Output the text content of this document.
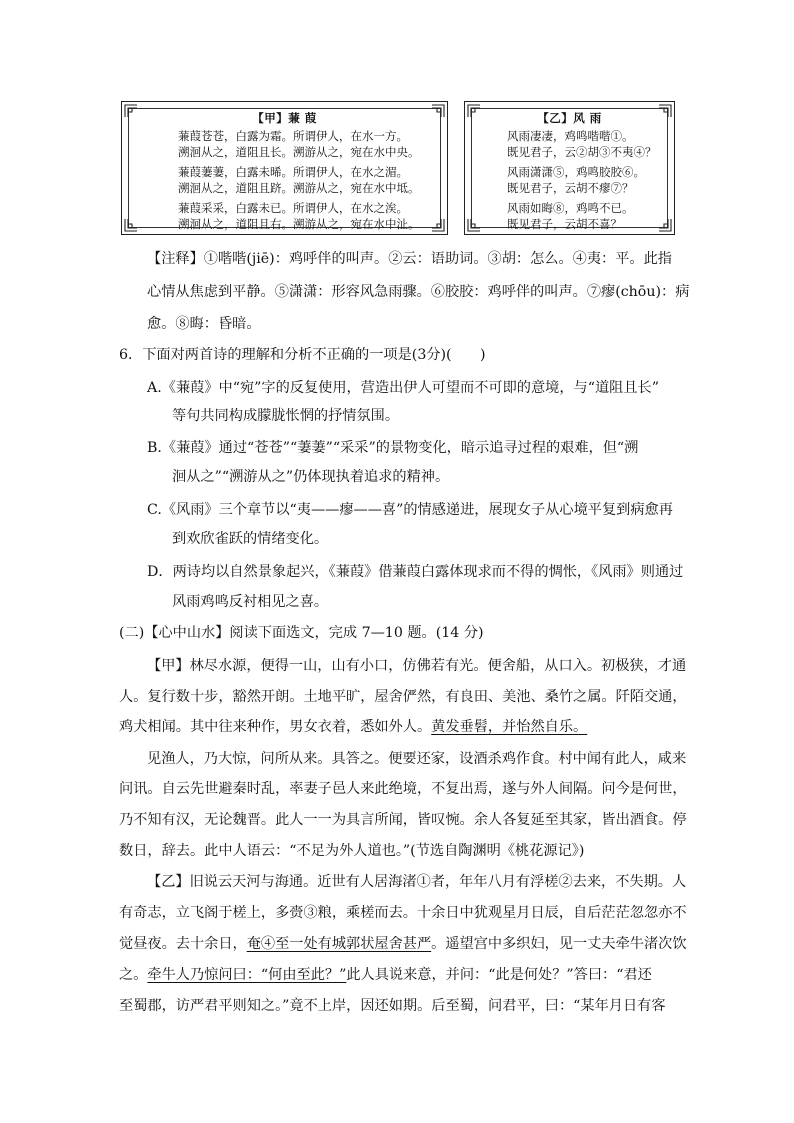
【甲】蒹 葭
蒹葭苍苍，白露为霜。所谓伊人，在水一方。
溯洄从之，道阻且长。溯游从之，宛在水中央。
蒹葭萋萋，白露未晞。所谓伊人，在水之湄。
溯洄从之，道阻且跻。溯游从之，宛在水中坻。
蒹葭采采，白露未已。所谓伊人，在水之涘。
溯洄从之，道阻且右。溯游从之，宛在水中沚。
【乙】风 雨
风雨凄凄，鸡鸣喈喈①。
既见君子，云②胡③不夷④？
风雨潇潇⑤，鸡鸣胶胶⑥。
既见君子，云胡不瘳⑦？
风雨如晦⑧，鸡鸣不已。
既见君子，云胡不喜？
【注释】①喈喈(jiē)：鸡呼伴的叫声。②云：语助词。③胡：怎么。④夷：平。此指
心情从焦虑到平静。⑤潇潇：形容风急雨骤。⑥胶胶：鸡呼伴的叫声。⑦瘳(chōu)：病
愈。⑧晦：昏暗。
6．下面对两首诗的理解和分析不正确的一项是(3分)(　　)
A.《蒹葭》中“宛”字的反复使用，营造出伊人可望而不可即的意境，与“道阻且长”
等句共同构成朦胧怅惘的抒情氛围。
B.《蒹葭》通过“苍苍”“萋萋”“采采”的景物变化，暗示追寻过程的艰难，但“溯
洄从之”“溯游从之”仍体现执着追求的精神。
C.《风雨》三个章节以“夷——瘳——喜”的情感递进，展现女子从心境平复到病愈再
到欢欣雀跃的情绪变化。
D．两诗均以自然景象起兴，《蒹葭》借蒹葭白露体现求而不得的惆怅，《风雨》则通过
风雨鸡鸣反衬相见之喜。
(二)【心中山水】阅读下面选文，完成 7—10 题。(14 分)
【甲】林尽水源，便得一山，山有小口，仿佛若有光。便舍船，从口入。初极狭，才通
人。复行数十步，豁然开朗。土地平旷，屋舍俨然，有良田、美池、桑竹之属。阡陌交通，
鸡犬相闻。其中往来种作，男女衣着，悉如外人。黄发垂髫，并怡然自乐。
见渔人，乃大惊，问所从来。具答之。便要还家，设酒杀鸡作食。村中闻有此人，咸来
问讯。自云先世避秦时乱，率妻子邑人来此绝境，不复出焉，遂与外人间隔。问今是何世，
乃不知有汉，无论魏晋。此人一一为具言所闻，皆叹惋。余人各复延至其家，皆出酒食。停
数日，辞去。此中人语云：“不足为外人道也。”(节选自陶渊明《桃花源记》)
【乙】旧说云天河与海通。近世有人居海渚①者，年年八月有浮槎②去来，不失期。人
有奇志，立飞阁于槎上，多赍③粮，乘槎而去。十余日中犹观星月日辰，自后茫茫忽忽亦不
觉昼夜。去十余日，奄④至一处有城郭状屋舍甚严。遥望宫中多织妇，见一丈夫牵牛渚次饮
之。牵牛人乃惊问曰：“何由至此？”此人具说来意，并问：“此是何处？”答曰：“君还
至蜀郡，访严君平则知之。”竟不上岸，因还如期。后至蜀，问君平，曰：“某年月日有客
